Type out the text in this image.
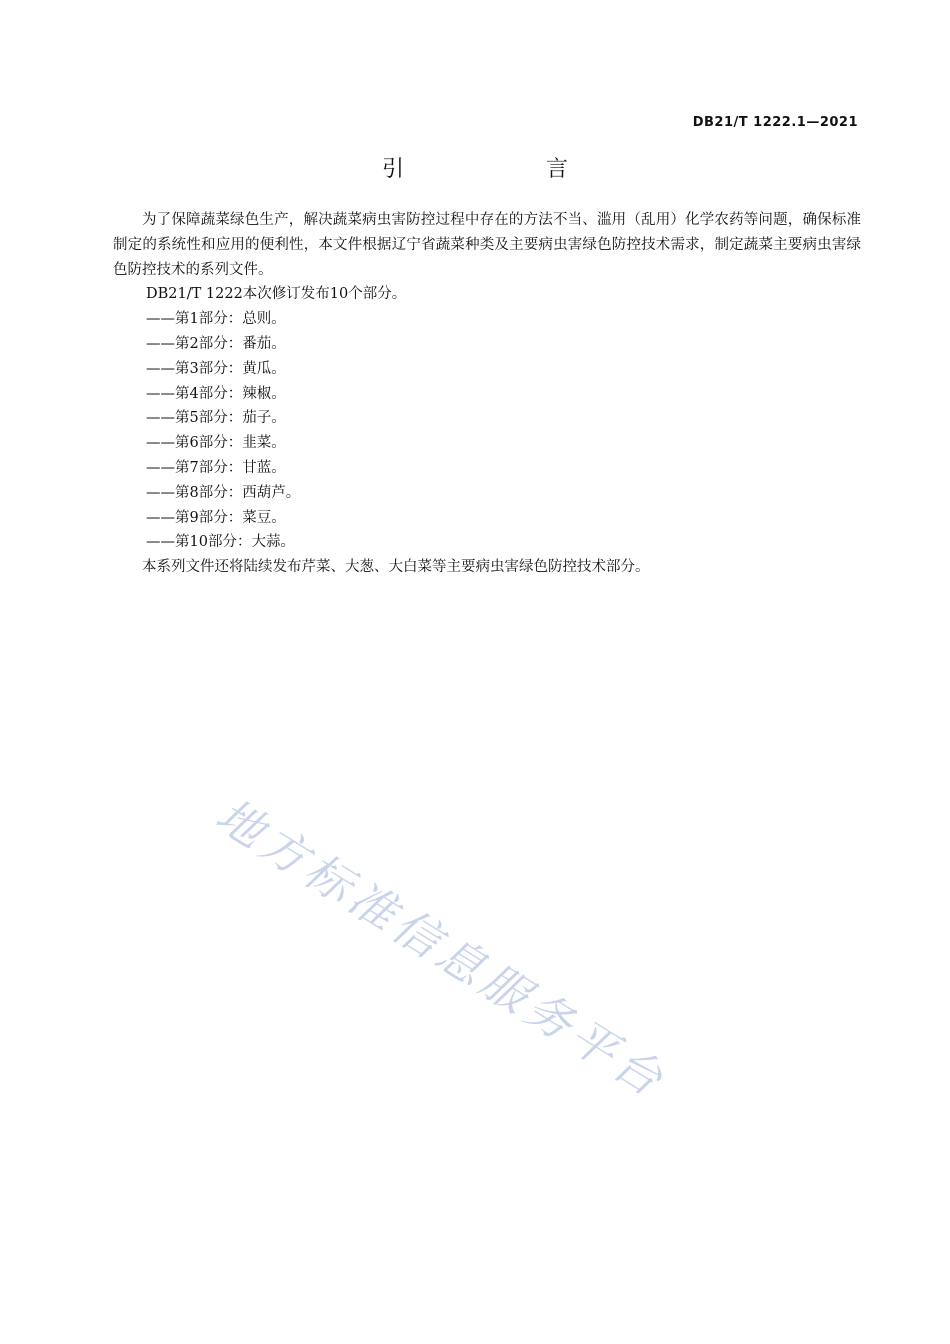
DB21/T 1222.1—2021
引　言

为了保障蔬菜绿色生产，解决蔬菜病虫害防控过程中存在的方法不当、滥用（乱用）化学农药等问题，确保标准制定的系统性和应用的便利性，本文件根据辽宁省蔬菜种类及主要病虫害绿色防控技术需求，制定蔬菜主要病虫害绿色防控技术的系列文件。

DB21/T 1222本次修订发布10个部分。

——第1部分：总则。

——第2部分：番茄。

——第3部分：黄瓜。

——第4部分：辣椒。

——第5部分：茄子。

——第6部分：韭菜。

——第7部分：甘蓝。

——第8部分：西葫芦。

——第9部分：菜豆。

——第10部分：大蒜。

本系列文件还将陆续发布芹菜、大葱、大白菜等主要病虫害绿色防控技术部分。

地方标准信息服务平台
